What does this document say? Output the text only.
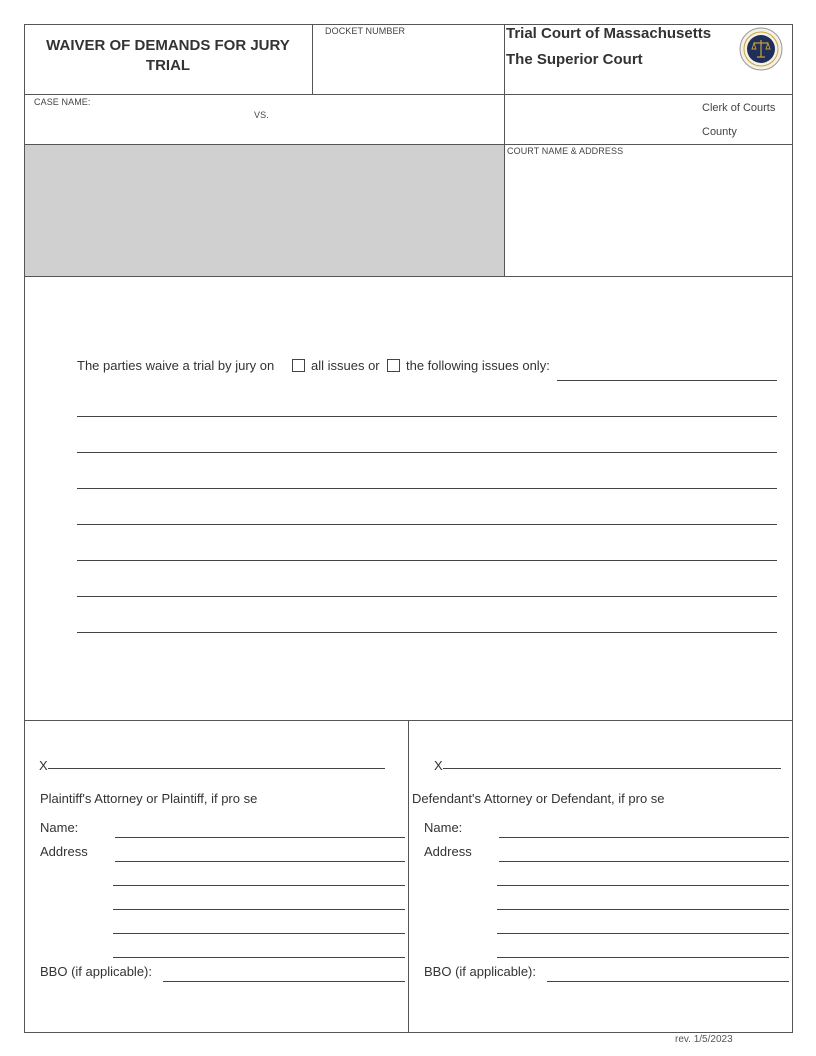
WAIVER OF DEMANDS FOR JURY TRIAL
DOCKET NUMBER	Trial Court of Massachusetts
The Superior Court
CASE NAME:
VS.
Clerk of Courts
County
COURT NAME & ADDRESS
The parties waive a trial by jury on	all issues or the following issues only:
X
Plaintiff's Attorney or Plaintiff, if pro se
Name:
Address
BBO (if applicable):
X
Defendant's Attorney or Defendant, if pro se
Name:
Address
BBO (if applicable):
rev. 1/5/2023
